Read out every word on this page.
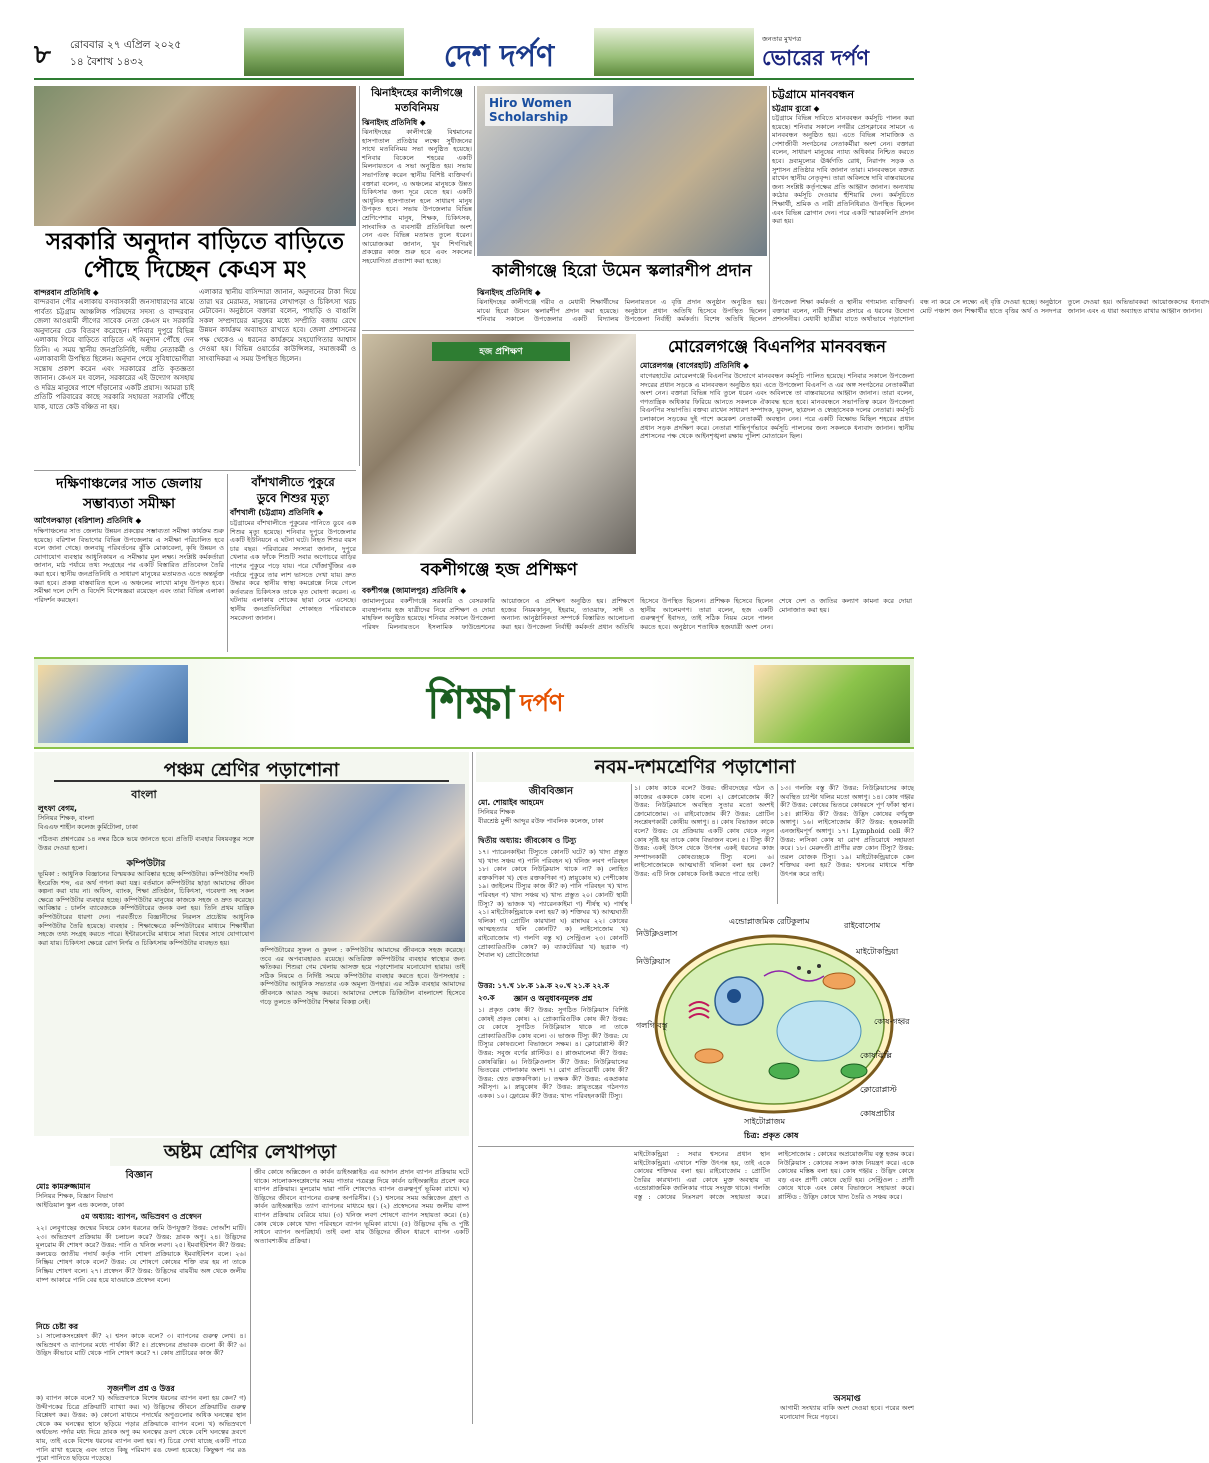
৮	রোববার ২৭ এপ্রিল ২০২৫
১৪ বৈশাখ ১৪৩২	দেশ দর্পণ	জনতার মুখপত্র
ভোরের দর্পণ
সরকারি অনুদান বাড়িতে বাড়িতে
পৌছে দিচ্ছেন কেএস মং
বান্দরবান প্রতিনিধি ◆
বান্দরবান পৌর এলাকায় বসবাসকারী জনসাধারণের মাঝে পার্বত্য চট্টগ্রাম আঞ্চলিক পরিষদের সদস্য ও বান্দরবান জেলা আওয়ামী লীগের সাবেক নেতা কেএস মং সরকারি অনুদানের চেক বিতরণ করেছেন। শনিবার দুপুরে বিভিন্ন এলাকায় গিয়ে বাড়িতে বাড়িতে এই অনুদান পৌঁছে দেন তিনি। এ সময় স্থানীয় জনপ্রতিনিধি, দলীয় নেতাকর্মী ও এলাকাবাসী উপস্থিত ছিলেন। অনুদান পেয়ে সুবিধাভোগীরা সন্তোষ প্রকাশ করেন এবং সরকারের প্রতি কৃতজ্ঞতা জানান। কেএস মং বলেন, সরকারের এই উদ্যোগ অসহায় ও দরিদ্র মানুষের পাশে দাঁড়ানোর একটি প্রয়াস। আমরা চাই প্রতিটি পরিবারের কাছে সরকারি সহায়তা সরাসরি পৌঁছে যাক, যাতে কেউ বঞ্চিত না হয়।
এলাকার স্থানীয় বাসিন্দারা জানান, অনুদানের টাকা দিয়ে তারা ঘর মেরামত, সন্তানের লেখাপড়া ও চিকিৎসা খরচ মেটাবেন। অনুষ্ঠানে বক্তারা বলেন, পাহাড়ি ও বাঙালি সকল সম্প্রদায়ের মানুষের মধ্যে সম্প্রীতি বজায় রেখে উন্নয়ন কার্যক্রম অব্যাহত রাখতে হবে। জেলা প্রশাসনের পক্ষ থেকেও এ ধরনের কার্যক্রমে সহযোগিতার আশ্বাস দেওয়া হয়। বিভিন্ন ওয়ার্ডের কাউন্সিলর, সমাজকর্মী ও সাংবাদিকরা এ সময় উপস্থিত ছিলেন।
ঝিনাইদহের কালীগঞ্জে
মতবিনিময়
ঝিনাইদহ প্রতিনিধি ◆
ঝিনাইদহের কালীগঞ্জে বিশ্বমানের হাসপাতাল প্রতিষ্ঠার লক্ষ্যে সুধীজনের সাথে মতবিনিময় সভা অনুষ্ঠিত হয়েছে। শনিবার বিকেলে শহরের একটি মিলনায়তনে এ সভা অনুষ্ঠিত হয়। সভায় সভাপতিত্ব করেন স্থানীয় বিশিষ্ট ব্যক্তিবর্গ। বক্তারা বলেন, এ অঞ্চলের মানুষকে উন্নত চিকিৎসার জন্য দূরে যেতে হয়। একটি আধুনিক হাসপাতাল হলে সাধারণ মানুষ উপকৃত হবে। সভায় উপজেলার বিভিন্ন শ্রেণিপেশার মানুষ, শিক্ষক, চিকিৎসক, সাংবাদিক ও ব্যবসায়ী প্রতিনিধিরা অংশ নেন এবং বিভিন্ন মতামত তুলে ধরেন। আয়োজকরা জানান, খুব শিগগিরই প্রকল্পের কাজ শুরু হবে এবং সকলের সহযোগিতা প্রত্যাশা করা হচ্ছে।
Hiro Women Scholarship
কালীগঞ্জে হিরো উমেন স্কলারশীপ প্রদান
চট্টগ্রামে মানববন্ধন
চট্টগ্রাম ব্যুরো ◆
চট্টগ্রামে বিভিন্ন দাবিতে মানববন্ধন কর্মসূচি পালন করা হয়েছে। শনিবার সকালে নগরীর প্রেসক্লাবের সামনে এ মানববন্ধন অনুষ্ঠিত হয়। এতে বিভিন্ন সামাজিক ও পেশাজীবী সংগঠনের নেতাকর্মীরা অংশ নেন। বক্তারা বলেন, সাধারণ মানুষের ন্যায্য অধিকার নিশ্চিত করতে হবে। দ্রব্যমূল্যের ঊর্ধ্বগতি রোধ, নিরাপদ সড়ক ও সুশাসন প্রতিষ্ঠার দাবি জানান তারা। মানববন্ধনে বক্তব্য রাখেন স্থানীয় নেতৃবৃন্দ। তারা অবিলম্বে দাবি বাস্তবায়নের জন্য সংশ্লিষ্ট কর্তৃপক্ষের প্রতি আহ্বান জানান। অন্যথায় কঠোর কর্মসূচি দেওয়ার হুঁশিয়ারি দেন। কর্মসূচিতে শিক্ষার্থী, শ্রমিক ও নারী প্রতিনিধিরাও উপস্থিত ছিলেন এবং বিভিন্ন স্লোগান দেন। পরে একটি স্মারকলিপি প্রদান করা হয়।
ঝিনাইদহ প্রতিনিধি ◆
ঝিনাইদহের কালীগঞ্জে গরীব ও মেধাবী শিক্ষার্থীদের মাঝে হিরো উমেন স্কলারশীপ প্রদান করা হয়েছে। শনিবার সকালে উপজেলার একটি বিদ্যালয় মিলনায়তনে এ বৃত্তি প্রদান অনুষ্ঠান অনুষ্ঠিত হয়। অনুষ্ঠানে প্রধান অতিথি হিসেবে উপস্থিত ছিলেন উপজেলা নির্বাহী কর্মকর্তা। বিশেষ অতিথি ছিলেন উপজেলা শিক্ষা কর্মকর্তা ও স্থানীয় গণ্যমান্য ব্যক্তিবর্গ। বক্তারা বলেন, নারী শিক্ষার প্রসারে এ ধরনের উদ্যোগ প্রশংসনীয়। মেধাবী ছাত্রীরা যাতে অর্থাভাবে পড়াশোনা বন্ধ না করে সে লক্ষ্যে এই বৃত্তি দেওয়া হচ্ছে। অনুষ্ঠানে মোট পঞ্চাশ জন শিক্ষার্থীর হাতে বৃত্তির অর্থ ও সনদপত্র তুলে দেওয়া হয়। অভিভাবকরা আয়োজকদের ধন্যবাদ জানান এবং এ ধারা অব্যাহত রাখার আহ্বান জানান।
মোরেলগঞ্জে বিএনপির মানববন্ধন
মোরেলগঞ্জ (বাগেরহাট) প্রতিনিধি ◆
বাগেরহাটের মোরেলগঞ্জে বিএনপির উদ্যোগে মানববন্ধন কর্মসূচি পালিত হয়েছে। শনিবার সকালে উপজেলা সদরের প্রধান সড়কে এ মানববন্ধন অনুষ্ঠিত হয়। এতে উপজেলা বিএনপি ও এর অঙ্গ সংগঠনের নেতাকর্মীরা অংশ নেন। বক্তারা বিভিন্ন দাবি তুলে ধরেন এবং অবিলম্বে তা বাস্তবায়নের আহ্বান জানান। তারা বলেন, গণতান্ত্রিক অধিকার ফিরিয়ে আনতে সকলকে ঐক্যবদ্ধ হতে হবে। মানববন্ধনে সভাপতিত্ব করেন উপজেলা বিএনপির সভাপতি। বক্তব্য রাখেন সাধারণ সম্পাদক, যুবদল, ছাত্রদল ও স্বেচ্ছাসেবক দলের নেতারা। কর্মসূচি চলাকালে সড়কের দুই পাশে কয়েকশ নেতাকর্মী অবস্থান নেন। পরে একটি বিক্ষোভ মিছিল শহরের প্রধান প্রধান সড়ক প্রদক্ষিণ করে। নেতারা শান্তিপূর্ণভাবে কর্মসূচি পালনের জন্য সকলকে ধন্যবাদ জানান। স্থানীয় প্রশাসনের পক্ষ থেকে আইনশৃঙ্খলা রক্ষায় পুলিশ মোতায়েন ছিল।
হজ প্রশিক্ষণ
বকশীগঞ্জে হজ প্রশিক্ষণ
বকশীগঞ্জ (জামালপুর) প্রতিনিধি ◆
জামালপুরের বকশীগঞ্জে সরকারি ও বেসরকারি ব্যবস্থাপনায় হজ যাত্রীদের নিয়ে প্রশিক্ষণ ও দোয়া মাহফিল অনুষ্ঠিত হয়েছে। শনিবার সকালে উপজেলা পরিষদ মিলনায়তনে ইসলামিক ফাউন্ডেশনের আয়োজনে এ প্রশিক্ষণ অনুষ্ঠিত হয়। প্রশিক্ষণে হজের নিয়মকানুন, ইহরাম, তাওয়াফ, সাঈ ও অন্যান্য আনুষ্ঠানিকতা সম্পর্কে বিস্তারিত আলোচনা করা হয়। উপজেলা নির্বাহী কর্মকর্তা প্রধান অতিথি হিসেবে উপস্থিত ছিলেন। প্রশিক্ষক হিসেবে ছিলেন স্থানীয় আলেমগণ। তারা বলেন, হজ একটি গুরুত্বপূর্ণ ইবাদত, তাই সঠিক নিয়ম মেনে পালন করতে হবে। অনুষ্ঠানে শতাধিক হজযাত্রী অংশ নেন। শেষে দেশ ও জাতির কল্যাণ কামনা করে দোয়া মোনাজাত করা হয়।
দক্ষিণাঞ্চলের সাত জেলায়
সম্ভাব্যতা সমীক্ষা
আগৈলঝাড়া (বরিশাল) প্রতিনিধি ◆
দক্ষিণাঞ্চলের সাত জেলায় উন্নয়ন প্রকল্পের সম্ভাব্যতা সমীক্ষা কার্যক্রম শুরু হয়েছে। বরিশাল বিভাগের বিভিন্ন উপজেলায় এ সমীক্ষা পরিচালিত হবে বলে জানা গেছে। জলবায়ু পরিবর্তনের ঝুঁকি মোকাবেলা, কৃষি উন্নয়ন ও যোগাযোগ ব্যবস্থার আধুনিকায়ন এ সমীক্ষার মূল লক্ষ্য। সংশ্লিষ্ট কর্মকর্তারা জানান, মাঠ পর্যায়ে তথ্য সংগ্রহের পর একটি বিস্তারিত প্রতিবেদন তৈরি করা হবে। স্থানীয় জনপ্রতিনিধি ও সাধারণ মানুষের মতামতও এতে অন্তর্ভুক্ত করা হবে। প্রকল্প বাস্তবায়িত হলে এ অঞ্চলের লাখো মানুষ উপকৃত হবে। সমীক্ষা দলে দেশি ও বিদেশি বিশেষজ্ঞরা রয়েছেন এবং তারা বিভিন্ন এলাকা পরিদর্শন করছেন।
বাঁশখালীতে পুকুরে
ডুবে শিশুর মৃত্যু
বাঁশখালী (চট্টগ্রাম) প্রতিনিধি ◆
চট্টগ্রামের বাঁশখালীতে পুকুরের পানিতে ডুবে এক শিশুর মৃত্যু হয়েছে। শনিবার দুপুরে উপজেলার একটি ইউনিয়নে এ ঘটনা ঘটে। নিহত শিশুর বয়স চার বছর। পরিবারের সদস্যরা জানান, দুপুরে খেলার এক ফাঁকে শিশুটি সবার অগোচরে বাড়ির পাশের পুকুরে পড়ে যায়। পরে খোঁজাখুঁজির এক পর্যায়ে পুকুরে তার লাশ ভাসতে দেখা যায়। দ্রুত উদ্ধার করে স্থানীয় স্বাস্থ্য কমপ্লেক্সে নিয়ে গেলে কর্তব্যরত চিকিৎসক তাকে মৃত ঘোষণা করেন। এ ঘটনায় এলাকায় শোকের ছায়া নেমে এসেছে। স্থানীয় জনপ্রতিনিধিরা শোকাহত পরিবারকে সমবেদনা জানান।
শিক্ষা দর্পণ
পঞ্চম শ্রেণির পড়াশোনা
বাংলা
লুৎফা বেগম,
সিনিয়র শিক্ষক, বাংলা
বিএএফ শাহীন কলেজ কুর্মিটোলা, ঢাকা
পঠিতব্য প্রশ্নপত্রের ১৪ নম্বর ঠিকে ভয়ে জানতে হবে। প্রতিটি ব্যবহার বিষয়বস্তুর সঙ্গে উত্তর দেওয়া হলো।
কম্পিউটার
ভূমিকা : আধুনিক বিজ্ঞানের বিস্ময়কর আবিষ্কার হচ্ছে কম্পিউটার। কম্পিউটার শব্দটি ইংরেজি শব্দ, এর অর্থ গণনা করা যন্ত্র। বর্তমানে কম্পিউটার ছাড়া আমাদের জীবন কল্পনা করা যায় না। অফিস, ব্যাংক, শিক্ষা প্রতিষ্ঠান, চিকিৎসা, গবেষণা সহ সকল ক্ষেত্রে কম্পিউটার ব্যবহার হচ্ছে। কম্পিউটার মানুষের কাজকে সহজ ও দ্রুত করেছে। আবিষ্কার : চার্লস ব্যাবেজকে কম্পিউটারের জনক বলা হয়। তিনি প্রথম যান্ত্রিক কম্পিউটারের ধারণা দেন। পরবর্তীতে বিজ্ঞানীদের নিরলস প্রচেষ্টায় আধুনিক কম্পিউটার তৈরি হয়েছে। ব্যবহার : শিক্ষাক্ষেত্রে কম্পিউটারের মাধ্যমে শিক্ষার্থীরা সহজে তথ্য সংগ্রহ করতে পারে। ইন্টারনেটের মাধ্যমে সারা বিশ্বের সাথে যোগাযোগ করা যায়। চিকিৎসা ক্ষেত্রে রোগ নির্ণয় ও চিকিৎসায় কম্পিউটার ব্যবহৃত হয়।
কম্পিউটারের সুফল ও কুফল : কম্পিউটার আমাদের জীবনকে সহজ করেছে। তবে এর অপব্যবহারও রয়েছে। অতিরিক্ত কম্পিউটার ব্যবহার স্বাস্থ্যের জন্য ক্ষতিকর। শিশুরা গেম খেলায় আসক্ত হয়ে পড়াশোনায় মনোযোগ হারায়। তাই সঠিক নিয়মে ও নির্দিষ্ট সময়ে কম্পিউটার ব্যবহার করতে হবে। উপসংহার : কম্পিউটার আধুনিক সভ্যতার এক অমূল্য উপহার। এর সঠিক ব্যবহার আমাদের জীবনকে আরও সমৃদ্ধ করবে। আমাদের দেশকে ডিজিটাল বাংলাদেশ হিসেবে গড়ে তুলতে কম্পিউটার শিক্ষার বিকল্প নেই।
অষ্টম শ্রেণির লেখাপড়া
বিজ্ঞান
মোঃ কামরুজ্জামান
সিনিয়র শিক্ষক, বিজ্ঞান বিভাগ
আইডিয়াল স্কুল এন্ড কলেজ, ঢাকা
৫ম অধ্যায়: ব্যাপন, অভিস্রবণ ও প্রস্বেদন
২২। লেবুগাছের জন্মের বিষয়ে কোন ধরনের জমি উপযুক্ত? উত্তর: দোআঁশ মাটি। ২৩। অভিস্রবণ প্রক্রিয়ায় কী চলাচল করে? উত্তর: দ্রাবক অণু। ২৪। উদ্ভিদের মূলরোম কী শোষণ করে? উত্তর: পানি ও খনিজ লবণ। ২৫। ইমবাইবিশন কী? উত্তর: কলয়েড জাতীয় পদার্থ কর্তৃক পানি শোষণ প্রক্রিয়াকে ইমবাইবিশন বলে। ২৬। নিষ্ক্রিয় শোষণ কাকে বলে? উত্তর: যে শোষণে কোষের শক্তি ব্যয় হয় না তাকে নিষ্ক্রিয় শোষণ বলে। ২৭। প্রস্বেদন কী? উত্তর: উদ্ভিদের বায়বীয় অঙ্গ থেকে জলীয় বাষ্প আকারে পানি বের হয়ে যাওয়াকে প্রস্বেদন বলে।
নিচে চেষ্টা কর
১। সালোকসংশ্লেষণ কী? ২। শ্বসন কাকে বলে? ৩। ব্যাপনের গুরুত্ব লেখ। ৪। অভিস্রবণ ও ব্যাপনের মধ্যে পার্থক্য কী? ৫। প্রস্বেদনের প্রভাবক গুলো কী কী? ৬। উদ্ভিদ কীভাবে মাটি থেকে পানি শোষণ করে? ৭। কোষ প্রাচীরের কাজ কী?
সৃজনশীল প্রশ্ন ও উত্তর
ক) ব্যাপন কাকে বলে? খ) অভিস্রবণকে বিশেষ ধরনের ব্যাপন বলা হয় কেন? গ) উদ্দীপকের চিত্রে প্রক্রিয়াটি ব্যাখ্যা কর। ঘ) উদ্ভিদের জীবনে প্রক্রিয়াটির গুরুত্ব বিশ্লেষণ কর। উত্তর: ক) কোনো মাধ্যমে পদার্থের অণুগুলোর অধিক ঘনত্বের স্থান থেকে কম ঘনত্বের স্থানে ছড়িয়ে পড়ার প্রক্রিয়াকে ব্যাপন বলে। খ) অভিস্রবণে অর্ধভেদ্য পর্দার মধ্য দিয়ে দ্রাবক অণু কম ঘনত্বের দ্রবণ থেকে বেশি ঘনত্বের দ্রবণে যায়, তাই একে বিশেষ ধরনের ব্যাপন বলা হয়। গ) চিত্রে দেখা যাচ্ছে একটি পাত্রে পানি রাখা হয়েছে এবং তাতে কিছু পরিমাণ রঙ ফেলা হয়েছে। কিছুক্ষণ পর রঙ পুরো পানিতে ছড়িয়ে পড়েছে।
জীব কোষে অক্সিজেন ও কার্বন ডাইঅক্সাইড এর আদান প্রদান ব্যাপন প্রক্রিয়ায় ঘটে থাকে। সালোকসংশ্লেষণের সময় পাতার পত্ররন্ধ্র দিয়ে কার্বন ডাইঅক্সাইড প্রবেশ করে ব্যাপন প্রক্রিয়ায়। মূলরোম দ্বারা পানি শোষণেও ব্যাপন গুরুত্বপূর্ণ ভূমিকা রাখে। ঘ) উদ্ভিদের জীবনে ব্যাপনের গুরুত্ব অপরিসীম। (১) শ্বসনের সময় অক্সিজেন গ্রহণ ও কার্বন ডাইঅক্সাইড ত্যাগ ব্যাপনের মাধ্যমে হয়। (২) প্রস্বেদনের সময় জলীয় বাষ্প ব্যাপন প্রক্রিয়ায় বেরিয়ে যায়। (৩) খনিজ লবণ শোষণে ব্যাপন সহায়তা করে। (৪) কোষ থেকে কোষে খাদ্য পরিবহনে ব্যাপন ভূমিকা রাখে। (৫) উদ্ভিদের বৃদ্ধি ও পুষ্টি সাধনে ব্যাপন অপরিহার্য। তাই বলা যায় উদ্ভিদের জীবন ধারণে ব্যাপন একটি অত্যাবশ্যকীয় প্রক্রিয়া।
নবম-দশমশ্রেণির পড়াশোনা
জীববিজ্ঞান
মো. শোয়াইব আহমেদ
সিনিয়র শিক্ষক
বীরশ্রেষ্ঠ মুন্সী আব্দুর রউফ পাবলিক কলেজ, ঢাকা
দ্বিতীয় অধ্যায়: জীবকোষ ও টিস্যু
১৭। প্যারেনকাইমা টিস্যুতে কোনটি ঘটে? ক) খাদ্য প্রস্তুত খ) খাদ্য সঞ্চয় গ) পানি পরিবহন ঘ) খনিজ লবণ পরিবহন ১৮। কোন কোষে নিউক্লিয়াস থাকে না? ক) লোহিত রক্তকণিকা খ) শ্বেত রক্তকণিকা গ) স্নায়ুকোষ ঘ) পেশীকোষ ১৯। জাইলেম টিস্যুর কাজ কী? ক) পানি পরিবহন খ) খাদ্য পরিবহন গ) খাদ্য সঞ্চয় ঘ) খাদ্য প্রস্তুত ২০। কোনটি স্থায়ী টিস্যু? ক) ভাজক খ) প্যারেনকাইমা গ) শীর্ষস্থ ঘ) পার্শ্বস্থ ২১। মাইটোকন্ড্রিয়াকে বলা হয়? ক) শক্তিঘর খ) আত্মঘাতী থলিকা গ) প্রোটিন কারখানা ঘ) রান্নাঘর ২২। কোষের আত্মহত্যার থলি কোনটি? ক) লাইসোজোম খ) রাইবোজোম গ) গলগি বস্তু ঘ) সেন্ট্রিওল ২৩। কোনটি প্রোক্যারিওটিক কোষ? ক) ব্যাকটেরিয়া খ) ছত্রাক গ) শৈবাল ঘ) প্রোটোজোয়া
উত্তর: ১৭.খ ১৮.ক ১৯.ক ২০.খ ২১.ক ২২.ক ২৩.ক	জ্ঞান ও অনুধাবনমূলক প্রশ্ন
১। কোষ কাকে বলে? উত্তর: জীবদেহের গঠন ও কাজের একককে কোষ বলে। ২। ক্রোমোজোম কী? উত্তর: নিউক্লিয়াসে অবস্থিত সুতার মতো অংশই ক্রোমোজোম। ৩। রাইবোজোম কী? উত্তর: প্রোটিন সংশ্লেষণকারী কোষীয় অঙ্গাণু। ৪। কোষ বিভাজন কাকে বলে? উত্তর: যে প্রক্রিয়ায় একটি কোষ থেকে নতুন কোষ সৃষ্টি হয় তাকে কোষ বিভাজন বলে। ৫। টিস্যু কী? উত্তর: একই উৎস থেকে উৎপন্ন একই ধরনের কাজ সম্পাদনকারী কোষগুচ্ছকে টিস্যু বলে। ৬। লাইসোজোমকে আত্মঘাতী থলিকা বলা হয় কেন? উত্তর: এটি নিজ কোষকে বিনষ্ট করতে পারে তাই।
১৩। গলজি বস্তু কী? উত্তর: নিউক্লিয়াসের কাছে অবস্থিত চ্যাপ্টা থলির মতো অঙ্গাণু। ১৪। কোষ গহ্বর কী? উত্তর: কোষের ভিতরে কোষরসে পূর্ণ ফাঁকা স্থান। ১৫। প্লাস্টিড কী? উত্তর: উদ্ভিদ কোষের বর্ণযুক্ত অঙ্গাণু। ১৬। লাইসোজোম কী? উত্তর: হজমকারী এনজাইমপূর্ণ অঙ্গাণু। ১৭। Lymphoid cell কী? উত্তর: লসিকা কোষ যা রোগ প্রতিরোধে সহায়তা করে। ১৮। মেরুদণ্ডী প্রাণীর রক্ত কোন টিস্যু? উত্তর: তরল যোজক টিস্যু। ১৯। মাইটোকন্ড্রিয়াকে কেন শক্তিঘর বলা হয়? উত্তর: শ্বসনের মাধ্যমে শক্তি উৎপন্ন করে তাই।
এন্ডোপ্লাজমিক রেটিকুলাম	রাইবোসোম
নিউক্লিওলাস
নিউক্লিয়াস
মাইটোকন্ড্রিয়া
গলগি বস্তু	কোষ-গহ্বর
কোষঝিল্লি
ক্লোরোপ্লাস্ট
সাইটোপ্লাজম
কোষপ্রাচীর
চিত্র: প্রকৃত কোষ
১। প্রকৃত কোষ কী? উত্তর: সুগঠিত নিউক্লিয়াস বিশিষ্ট কোষই প্রকৃত কোষ। ২। প্রোক্যারিওটিক কোষ কী? উত্তর: যে কোষে সুগঠিত নিউক্লিয়াস থাকে না তাকে প্রোক্যারিওটিক কোষ বলে। ৩। ভাজক টিস্যু কী? উত্তর: যে টিস্যুর কোষগুলো বিভাজনে সক্ষম। ৪। ক্লোরোপ্লাস্ট কী? উত্তর: সবুজ বর্ণের প্লাস্টিড। ৫। প্লাজমালেমা কী? উত্তর: কোষঝিল্লি। ৬। নিউক্লিওলাস কী? উত্তর: নিউক্লিয়াসের ভিতরের গোলাকার অংশ। ৭। রোগ প্রতিরোধী কোষ কী? উত্তর: শ্বেত রক্তকণিকা। ৮। তক্ষক কী? উত্তর: একপ্রকার সরীসৃপ। ৯। স্নায়ুকোষ কী? উত্তর: স্নায়ুতন্ত্রের গঠনগত একক। ১০। ফ্লোয়েম কী? উত্তর: খাদ্য পরিবহনকারী টিস্যু।
মাইটোকন্ড্রিয়া : সবার শ্বসনের প্রধান স্থান মাইটোকন্ড্রিয়া। এখানে শক্তি উৎপন্ন হয়, তাই একে কোষের শক্তিঘর বলা হয়। রাইবোজোম : প্রোটিন তৈরির কারখানা। এরা কোষে মুক্ত অবস্থায় বা এন্ডোপ্লাজমিক জালিকার গায়ে সংযুক্ত থাকে। গলজি বস্তু : কোষের নিঃসরণ কাজে সহায়তা করে। লাইসোজোম : কোষের অপ্রয়োজনীয় বস্তু হজম করে। নিউক্লিয়াস : কোষের সকল কাজ নিয়ন্ত্রণ করে। একে কোষের মস্তিষ্ক বলা হয়। কোষ গহ্বর : উদ্ভিদ কোষে বড় এবং প্রাণী কোষে ছোট হয়। সেন্ট্রিওল : প্রাণী কোষে থাকে এবং কোষ বিভাজনে সহায়তা করে। প্লাস্টিড : উদ্ভিদ কোষে খাদ্য তৈরি ও সঞ্চয় করে।
অসমাপ্ত
আগামী সংখ্যায় বাকি অংশ দেওয়া হবে। পরের অংশ মনোযোগ দিয়ে পড়বে।
